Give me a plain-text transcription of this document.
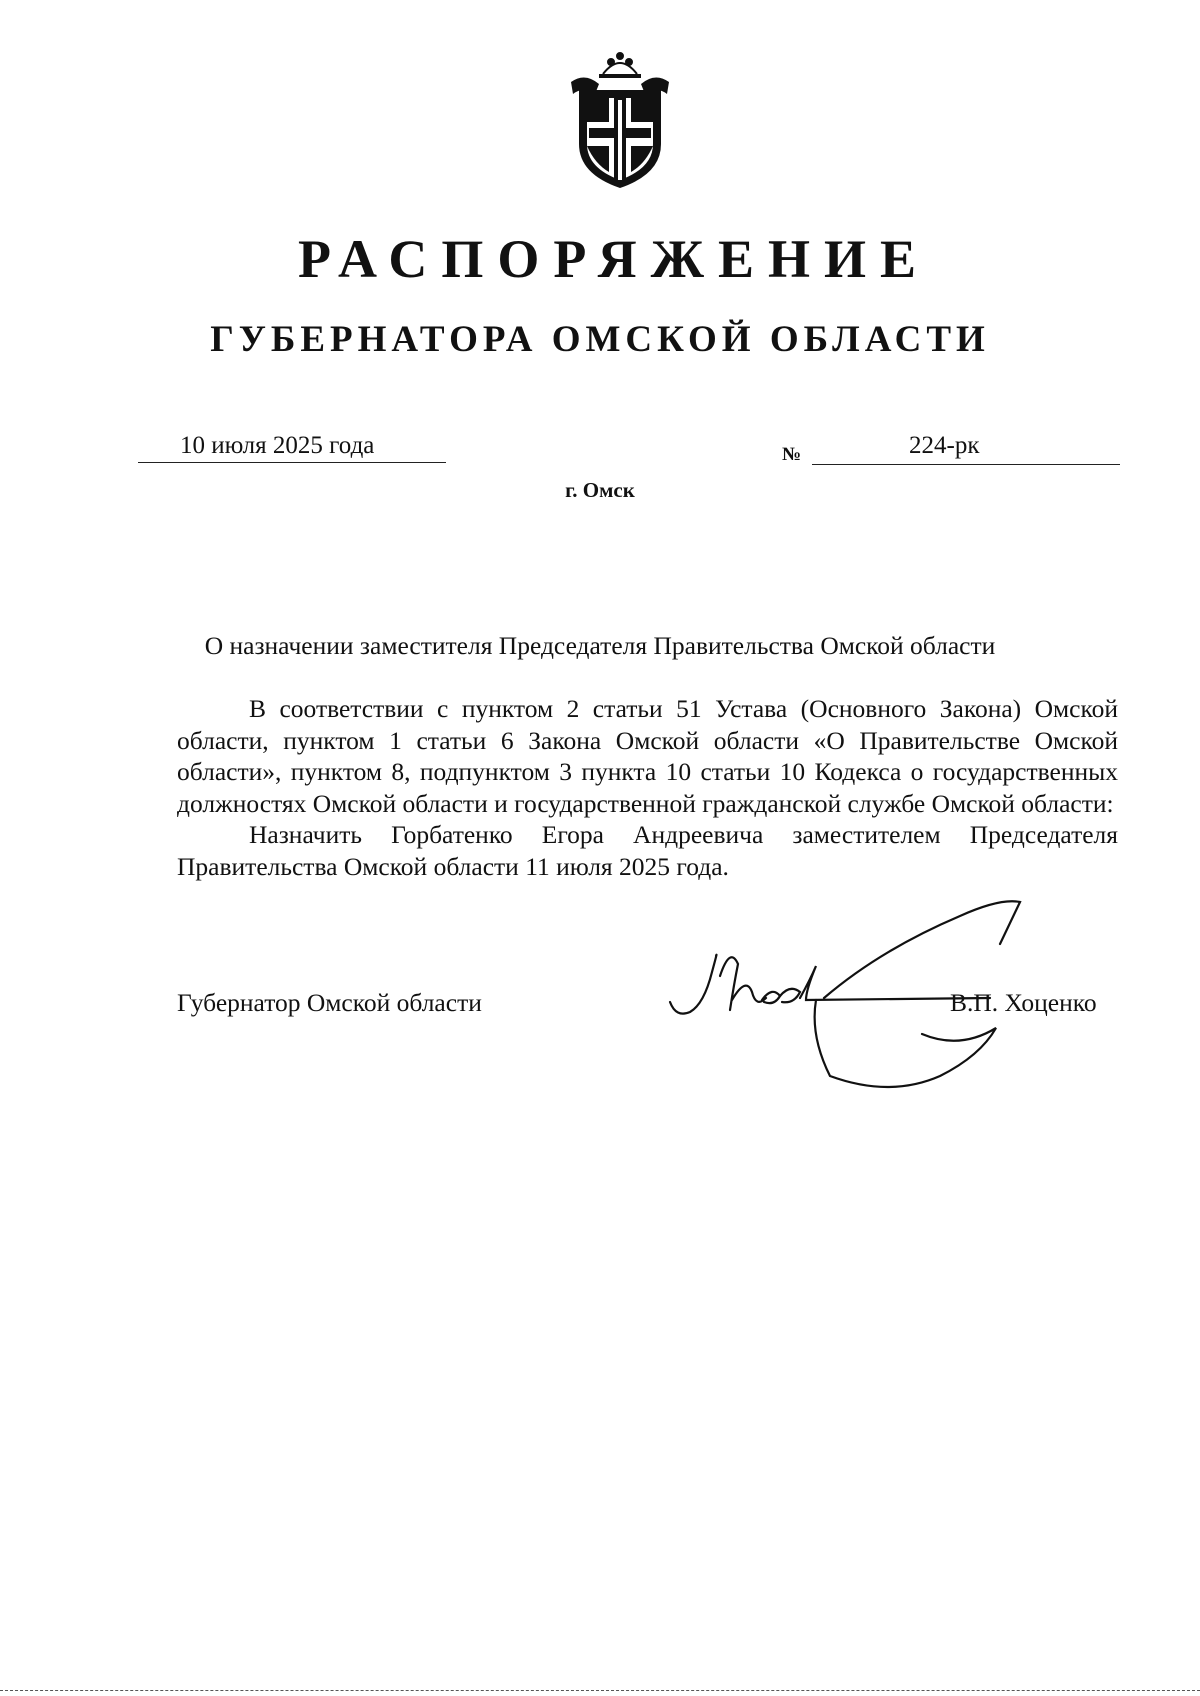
РАСПОРЯЖЕНИЕ
ГУБЕРНАТОРА ОМСКОЙ ОБЛАСТИ
10 июля 2025 года	№	224-рк
г. Омск
О назначении заместителя Председателя Правительства Омской области

В соответствии с пунктом 2 статьи 51 Устава (Основного Закона) Омской области, пунктом 1 статьи 6 Закона Омской области «О Правительстве Омской области», пунктом 8, подпунктом 3 пункта 10 статьи 10 Кодекса о государственных должностях Омской области и государственной гражданской службе Омской области:

Назначить Горбатенко Егора Андреевича заместителем Председателя Правительства Омской области 11 июля 2025 года.

Губернатор Омской области	В.П. Хоценко
